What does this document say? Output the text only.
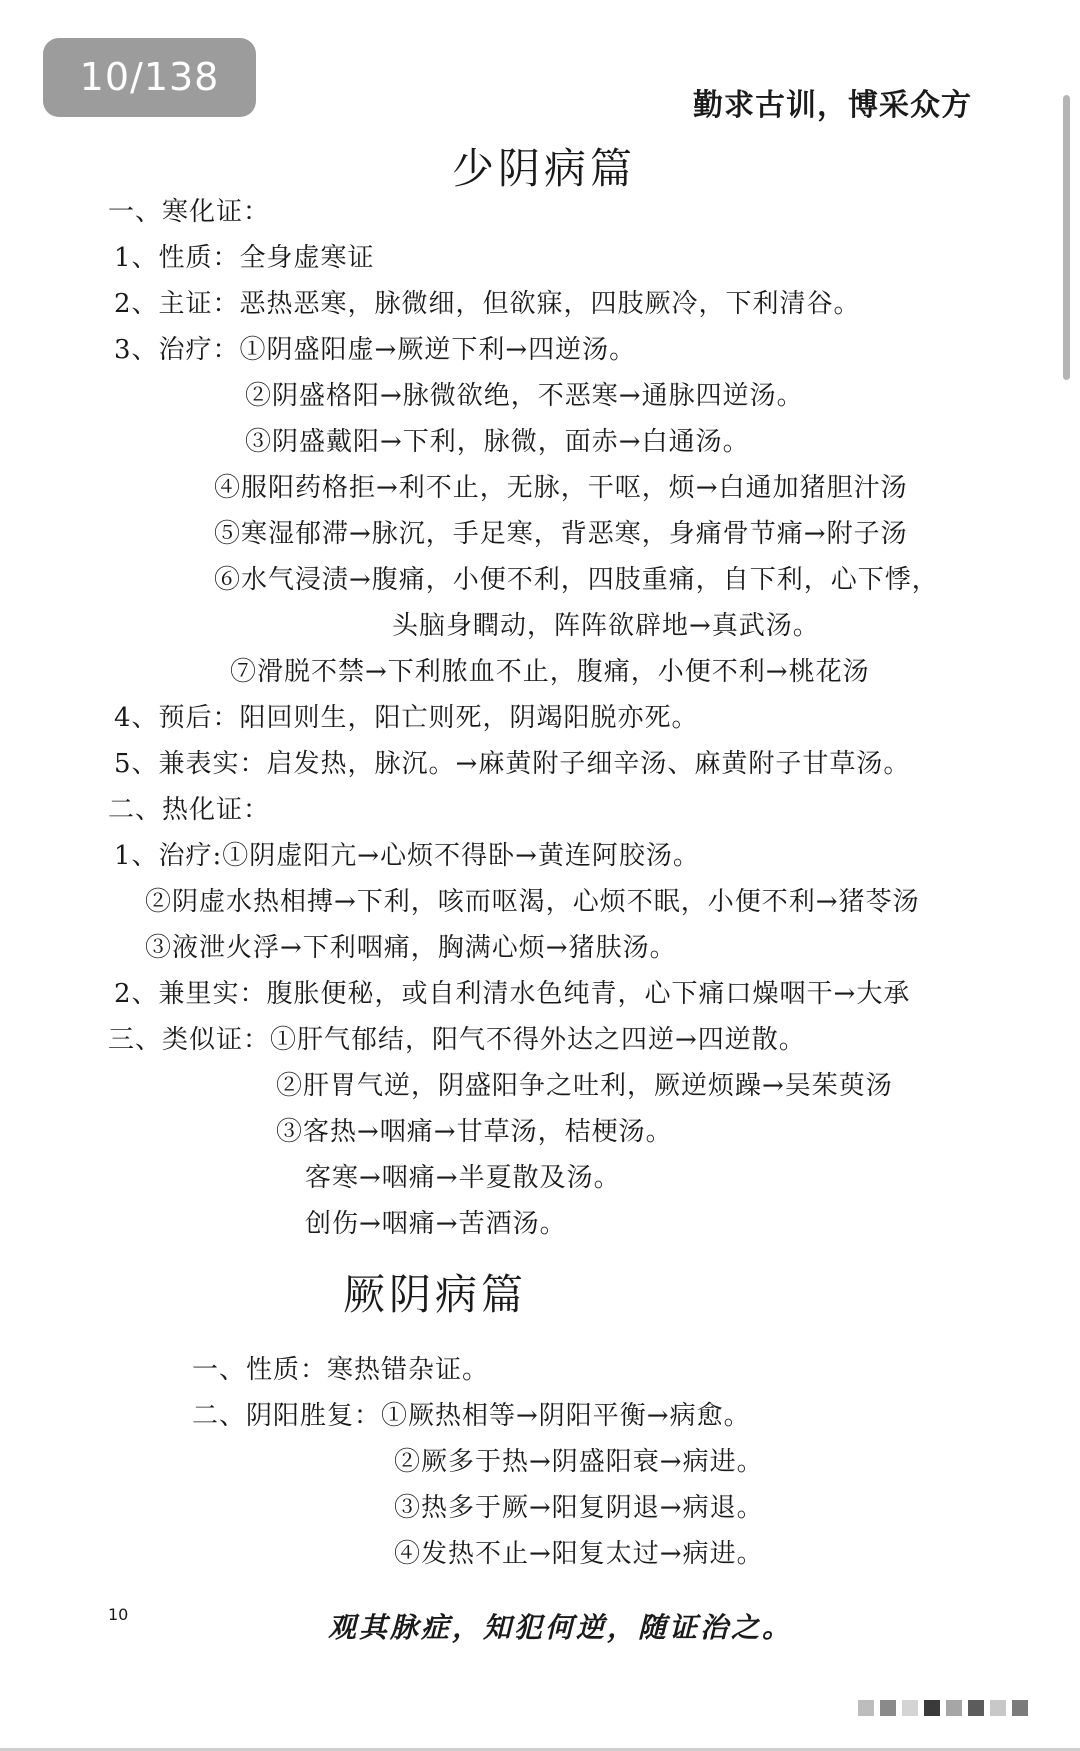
10/138
勤求古训，博采众方
少阴病篇
一、寒化证：
1、性质：全身虚寒证
2、主证：恶热恶寒，脉微细，但欲寐，四肢厥冷，下利清谷。
3、治疗：①阴盛阳虚→厥逆下利→四逆汤。
②阴盛格阳→脉微欲绝，不恶寒→通脉四逆汤。
③阴盛戴阳→下利，脉微，面赤→白通汤。
④服阳药格拒→利不止，无脉，干呕，烦→白通加猪胆汁汤
⑤寒湿郁滞→脉沉，手足寒，背恶寒，身痛骨节痛→附子汤
⑥水气浸渍→腹痛，小便不利，四肢重痛，自下利，心下悸，
头脑身瞤动，阵阵欲辟地→真武汤。
⑦滑脱不禁→下利脓血不止，腹痛，小便不利→桃花汤
4、预后：阳回则生，阳亡则死，阴竭阳脱亦死。
5、兼表实：启发热，脉沉。→麻黄附子细辛汤、麻黄附子甘草汤。
二、热化证：
1、治疗:①阴虚阳亢→心烦不得卧→黄连阿胶汤。
②阴虚水热相搏→下利，咳而呕渴，心烦不眠，小便不利→猪苓汤
③液泄火浮→下利咽痛，胸满心烦→猪肤汤。
2、兼里实：腹胀便秘，或自利清水色纯青，心下痛口燥咽干→大承
三、类似证：①肝气郁结，阳气不得外达之四逆→四逆散。
②肝胃气逆，阴盛阳争之吐利，厥逆烦躁→吴茱萸汤
③客热→咽痛→甘草汤，桔梗汤。
客寒→咽痛→半夏散及汤。
创伤→咽痛→苦酒汤。
厥阴病篇
一、性质：寒热错杂证。
二、阴阳胜复：①厥热相等→阴阳平衡→病愈。
②厥多于热→阴盛阳衰→病进。
③热多于厥→阳复阴退→病退。
④发热不止→阳复太过→病进。
10	观其脉症，知犯何逆，随证治之。
